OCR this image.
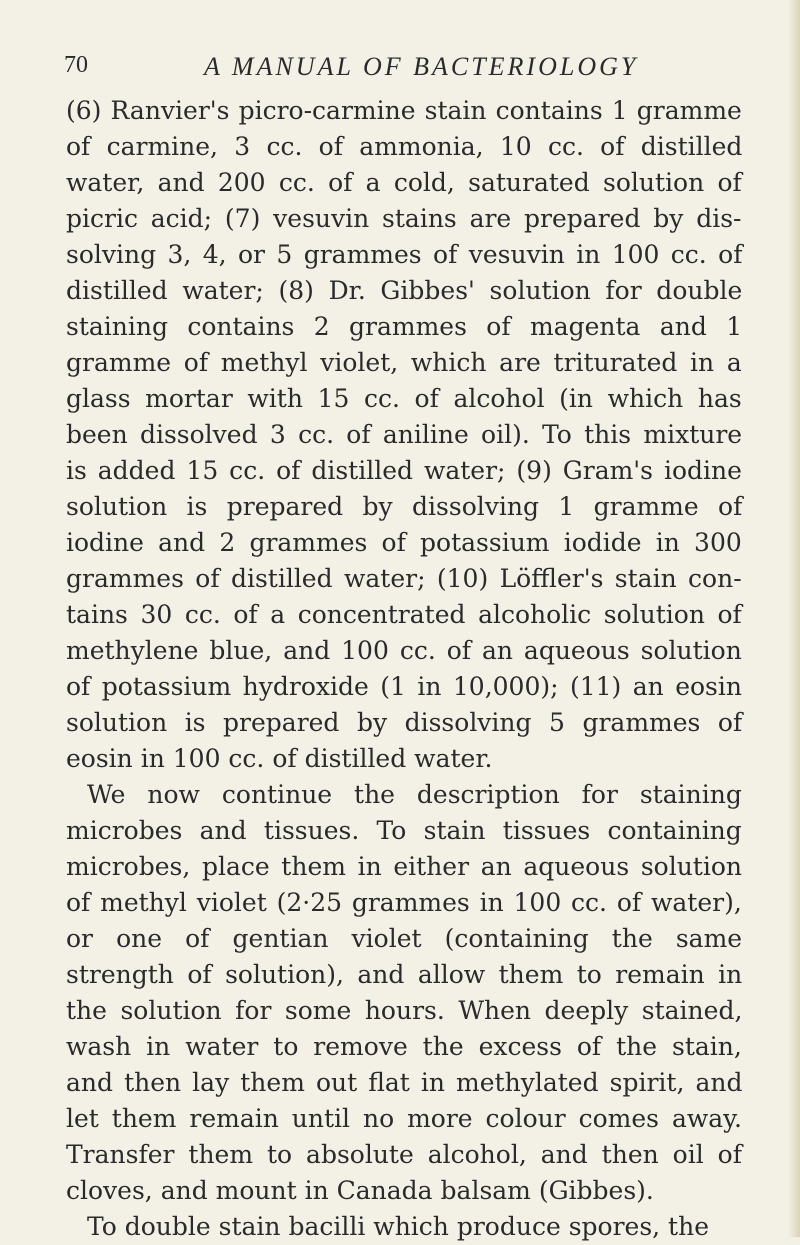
70	A MANUAL OF BACTERIOLOGY
(6) Ranvier's picro-carmine stain contains 1 gramme
of carmine, 3 cc. of ammonia, 10 cc. of distilled
water, and 200 cc. of a cold, saturated solution of
picric acid; (7) vesuvin stains are prepared by dis-
solving 3, 4, or 5 grammes of vesuvin in 100 cc. of
distilled water; (8) Dr. Gibbes' solution for double
staining contains 2 grammes of magenta and 1
gramme of methyl violet, which are triturated in a
glass mortar with 15 cc. of alcohol (in which has
been dissolved 3 cc. of aniline oil). To this mixture
is added 15 cc. of distilled water; (9) Gram's iodine
solution is prepared by dissolving 1 gramme of
iodine and 2 grammes of potassium iodide in 300
grammes of distilled water; (10) Löffler's stain con-
tains 30 cc. of a concentrated alcoholic solution of
methylene blue, and 100 cc. of an aqueous solution
of potassium hydroxide (1 in 10,000); (11) an eosin
solution is prepared by dissolving 5 grammes of
eosin in 100 cc. of distilled water.
We now continue the description for staining
microbes and tissues. To stain tissues containing
microbes, place them in either an aqueous solution
of methyl violet (2·25 grammes in 100 cc. of water),
or one of gentian violet (containing the same
strength of solution), and allow them to remain in
the solution for some hours. When deeply stained,
wash in water to remove the excess of the stain,
and then lay them out flat in methylated spirit, and
let them remain until no more colour comes away.
Transfer them to absolute alcohol, and then oil of
cloves, and mount in Canada balsam (Gibbes).
To double stain bacilli which produce spores, the
